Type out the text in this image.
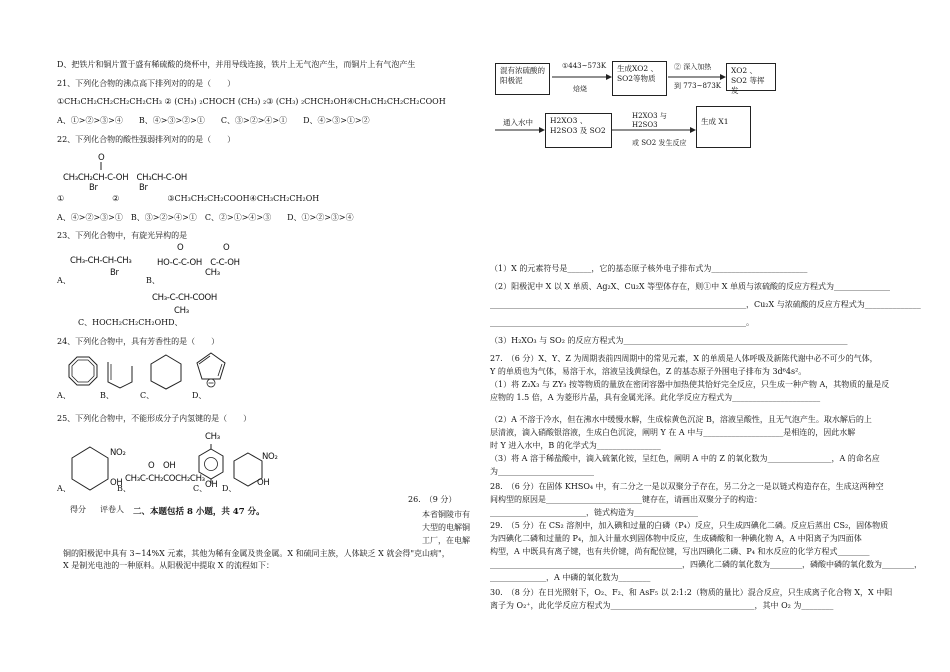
D、把铁片和铜片置于盛有稀硫酸的烧杯中，并用导线连接，铁片上无气泡产生，而铜片上有气泡产生
21、下列化合物的沸点高下排列对的的是（　　）
①CH₃CH₂CH₂CH₂CH₂CH₃ ② (CH₃) ₂CHOCH (CH₃) ₂③ (CH₃) ₂CHCH₂OH④CH₃CH₂CH₂CH₂COOH
A、①>②>③>④　　B、④>③>②>①　　C、③>②>④>①　　D、④>③>①>②
22、下列化合物的酸性强弱排列对的的是（　　）
O
CH₃CH₂CH-C-OH　CH₃CH-C-OH
Br	Br
①　　　　　　②　　　　　　③CH₃CH₂CH₂COOH④CH₃CH₂CH₂OH
A、④>②>③>①　B、③>②>④>①　C、②>①>④>③　　D、①>②>③>④
23、下列化合物中，有旋光异构的是
O	O
A、
CH₃-CH-CH-CH₃
Br
B、
HO-C-C-OH　C-C-OH
CH₃
CH₃-C-CH-COOH
CH₃
C、HOCH₂CH₂CH₂OHD、
24、下列化合物中，具有芳香性的是（　　）
A、	B、	C、	D、
25、下列化合物中，不能形成分子内氢键的是（　　）
NO₂
OH
A、	B、
O OH
CH₃C-CH₂COCH₂CH₃
CH₃
OH
C、
NO₂
OH
D、
得分 评卷人 二、本题包括 8 小题，共 47 分。
26.　（9 分）
本省铜陵市有
大型的电解铜
工厂，在电解
铜的阳极泥中具有 3~14%X 元素，其他为稀有金属及贵金属。X 和硫同主族，人体缺乏 X 就会得"克山病"，
X 是制光电池的一种原料。从阳极泥中提取 X 的流程如下：
混有浓硫酸的阳极泥
①443~573K
焙烧
生成XO2 、SO2等物质
② 深入加热
到 773~873K
XO2 、SO2 等挥发
通入水中	H2XO3 、H2SO3 及 SO2
H2XO3 与H2SO3
或 SO2 发生反应
生成 X1
（1）X 的元素符号是______，它的基态原子核外电子排布式为________________________
（2）阳极泥中 X 以 X 单质、Ag₂X、Cu₂X 等型体存在，则①中 X 单质与浓硫酸的反应方程式为______________
________________________________________________________________，Cu₂X 与浓硫酸的反应方程式为______________
________________________________________________________________。
（3）H₂XO₃ 与 SO₂ 的反应方程式为________________________________________________________
27.　（6 分）X、Y、Z 为周期表前四周期中的常见元素，X 的单质是人体呼吸及新陈代谢中必不可少的气体，
Y 的单质也为气体，易溶于水，溶液呈浅黄绿色，Z 的基态原子外围电子排布为 3d⁶4s²。
（1）将 Z₂X₃ 与 ZY₃ 按等物质的量放在密闭容器中加热使其恰好完全反应，只生成一种产物 A，其物质的量是反
应物的 1.5 倍，A 为菱形片晶，具有金属光泽。此化学反应方程式为______________________
（2）A 不溶于冷水，但在沸水中缓慢水解，生成棕黄色沉淀 B，溶液呈酸性，且无气泡产生。取水解后的上
层清液，滴入硝酸银溶液，生成白色沉淀，阐明 Y 在 A 中与____________________是相连的，因此水解
时 Y 进入水中，B 的化学式为________________
（3）将 A 溶于稀盐酸中，滴入硫氰化铵，呈红色，阐明 A 中的 Z 的氧化数为________________，A 的命名应
为________________________
28.　（6 分）在固体 KHSO₄ 中，有二分之一是以双聚分子存在，另二分之一是以链式构造存在，生成这两种空
间构型的原因是________________________键存在，请画出双聚分子的构造：
________________________，链式构造为________________
29.　（5 分）在 CS₂ 溶剂中，加入碘和过量的白磷（P₄）反应，只生成四碘化二磷。反应后蒸出 CS₂，固体物质
为四碘化二磷和过量的 P₄，加入计量水到固体物中反应，生成磷酸和一种碘化物 A，A 中阳离子为四面体
构型，A 中既具有离子键，也有共价键，尚有配位键，写出四碘化二磷、P₄ 和水反应的化学方程式________
________________________________________________，四碘化二磷的氧化数为________，磷酸中磷的氧化数为________，
______________，A 中磷的氧化数为________
30.　（8 分）在日光照射下，O₂、F₂、和 AsF₅ 以 2:1:2（物质的量比）混合反应，只生成离子化合物 X，X 中阳
离子为 O₂⁺，此化学反应方程式为____________________________________，其中 O₂ 为________
